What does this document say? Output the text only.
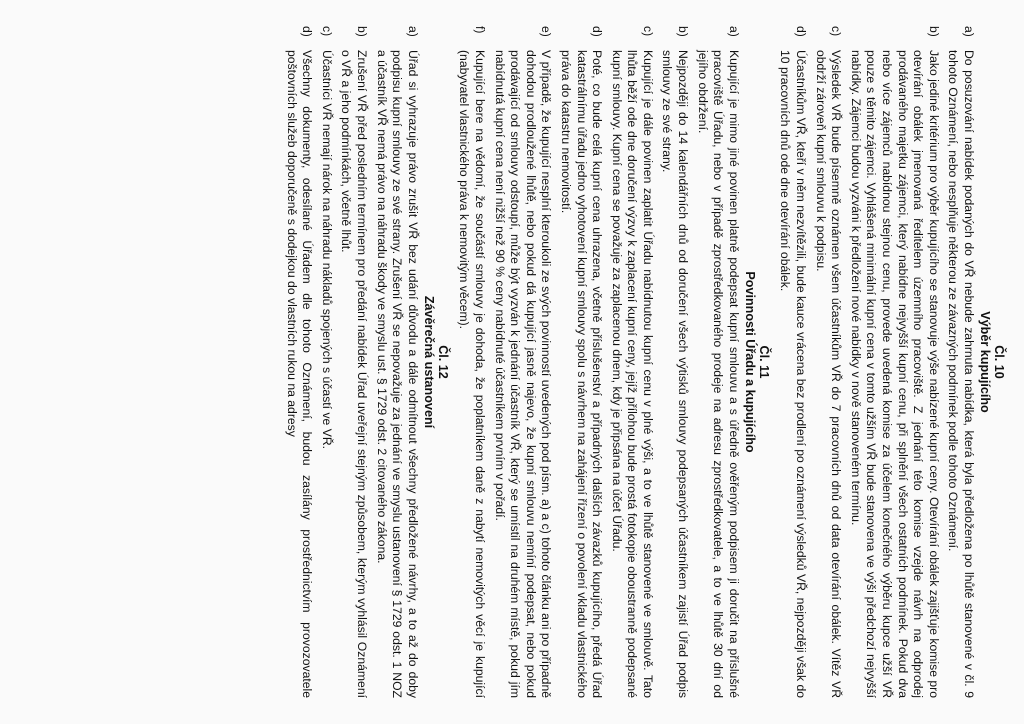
Čl. 10
Výběr kupujícího
a)
Do posuzování nabídek podaných do VŘ nebude zahrnuta nabídka, která byla předložena po lhůtě stanovené v čl. 9 tohoto Oznámení, nebo nesplňuje některou ze závazných podmínek podle tohoto Oznámení.
b)
Jako jediné kritérium pro výběr kupujícího se stanovuje výše nabízené kupní ceny. Otevírání obálek zajišťuje komise pro otevírání obálek jmenovaná ředitelem územního pracoviště. Z jednání této komise vzejde návrh na odprodej prodávaného majetku zájemci, který nabídne nejvyšší kupní cenu, při splnění všech ostatních podmínek. Pokud dva nebo více zájemců nabídnou stejnou cenu, provede uvedená komise za účelem konečného výběru kupce užší VŘ pouze s těmito zájemci. Vyhlášená minimální kupní cena v tomto užším VŘ bude stanovena ve výši předchozí nejvyšší nabídky. Zájemci budou vyzváni k předložení nové nabídky v nově stanoveném termínu.
c)
Výsledek VŘ bude písemně oznámen všem účastníkům VŘ do 7 pracovních dnů od data otevírání obálek. Vítěz VŘ obdrží zároveň kupní smlouvu k podpisu.
d)
Účastníkům VŘ, kteří v něm nezvítězili, bude kauce vrácena bez prodlení po oznámení výsledků VŘ, nejpozději však do 10 pracovních dnů ode dne otevírání obálek.
Čl. 11
Povinnosti Úřadu a kupujícího
a)
Kupující je mimo jiné povinen platně podepsat kupní smlouvu a s úředně ověřeným podpisem ji doručit na příslušné pracoviště Úřadu, nebo v případě zprostředkovaného prodeje na adresu zprostředkovatele, a to ve lhůtě 30 dní od jejího obdržení.
b)
Nejpozději do 14 kalendářních dnů od doručení všech výtisků smlouvy podepsaných účastníkem zajistí Úřad podpis smlouvy ze své strany.
c)
Kupující je dále povinen zaplatit Úřadu nabídnutou kupní cenu v plné výši, a to ve lhůtě stanovené ve smlouvě. Tato lhůta běží ode dne doručení výzvy k zaplacení kupní ceny, jejíž přílohou bude prostá fotokopie oboustranně podepsané kupní smlouvy. Kupní cena se považuje za zaplacenou dnem, kdy je připsána na účet Úřadu.
d)
Poté, co bude celá kupní cena uhrazena, včetně příslušenství a případných dalších závazků kupujícího, předá Úřad katastrálnímu úřadu jedno vyhotovení kupní smlouvy spolu s návrhem na zahájení řízení o povolení vkladu vlastnického práva do katastru nemovitostí.
e)
V případě, že kupující nesplní kteroukoli ze svých povinností uvedených pod písm. a) a c) tohoto článku ani po případně dohodou prodloužené lhůtě, nebo pokud dá kupující jasně najevo, že kupní smlouvu nemíní podepsat, nebo pokud prodávající od smlouvy odstoupí, může být vyzván k jednání účastník VŘ, který se umístil na druhém místě, pokud jím nabídnutá kupní cena není nižší než 90 % ceny nabídnuté účastníkem prvním v pořadí.
f)
Kupující bere na vědomí, že součástí smlouvy je dohoda, že poplatníkem daně z nabytí nemovitých věcí je kupující (nabyvatel vlastnického práva k nemovitým věcem).
Čl. 12
Závěrečná ustanovení
a)
Úřad si vyhrazuje právo zrušit VŘ bez udání důvodu a dále odmítnout všechny předložené návrhy, a to až do doby podpisu kupní smlouvy ze své strany. Zrušení VŘ se nepovažuje za jednání ve smyslu ustanovení § 1729 odst. 1 NOZ a účastník VŘ nemá právo na náhradu škody ve smyslu ust. § 1729 odst. 2 citovaného zákona.
b)
Zrušení VŘ před posledním termínem pro předání nabídek Úřad uveřejní stejným způsobem, kterým vyhlásil Oznámení o VŘ a jeho podmínkách, včetně lhůt.
c)
Účastníci VŘ nemají nárok na náhradu nákladů spojených s účastí ve VŘ.
d)
Všechny dokumenty, odesílané Úřadem dle tohoto Oznámení, budou zasílány prostřednictvím provozovatele poštovních služeb doporučeně s dodejkou do vlastních rukou na adresy
